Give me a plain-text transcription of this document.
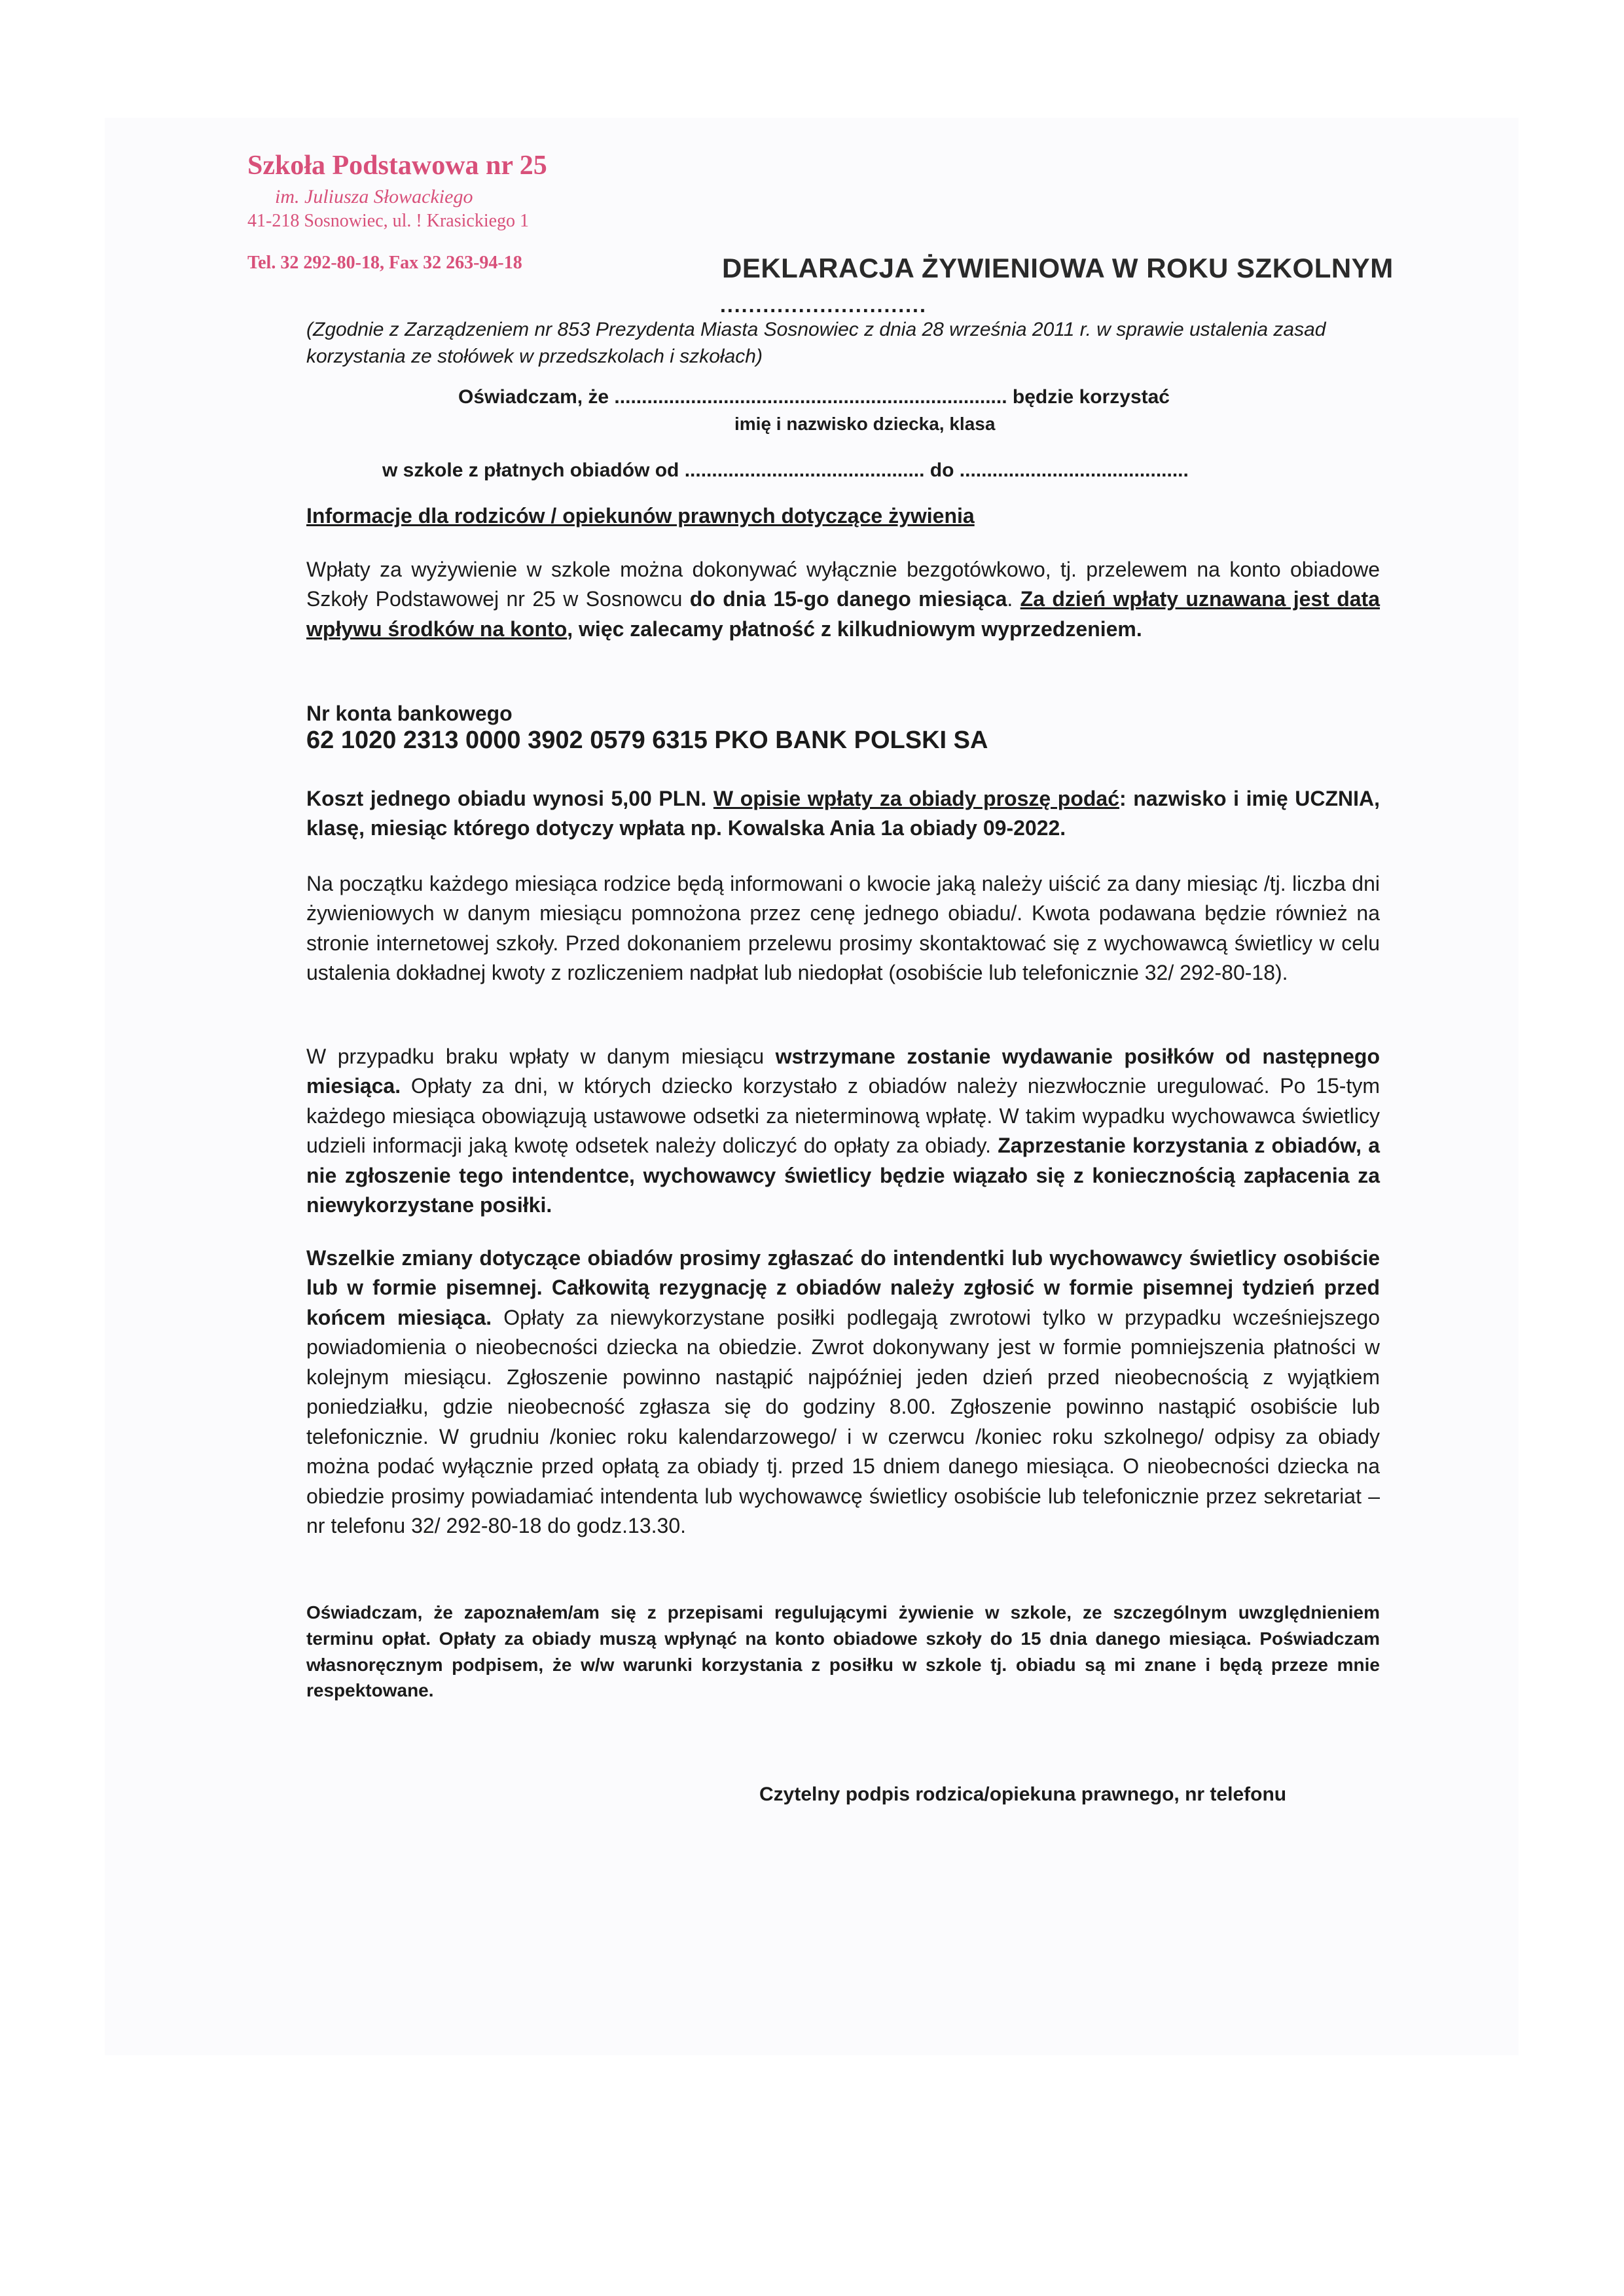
Szkoła Podstawowa nr 25
im. Juliusza Słowackiego
41-218 Sosnowiec, ul. ! Krasickiego 1
Tel. 32 292-80-18, Fax 32 263-94-18	DEKLARACJA ŻYWIENIOWA W ROKU SZKOLNYM
.............................
(Zgodnie z Zarządzeniem nr 853 Prezydenta Miasta Sosnowiec z dnia 28 września 2011 r. w sprawie ustalenia zasad korzystania ze stołówek w przedszkolach i szkołach)
Oświadczam, że ........................................................................ będzie korzystać
imię i nazwisko dziecka, klasa
w szkole z płatnych obiadów od ............................................ do ..........................................
Informacje dla rodziców / opiekunów prawnych dotyczące żywienia
Wpłaty za wyżywienie w szkole można dokonywać wyłącznie bezgotówkowo, tj. przelewem na konto obiadowe Szkoły Podstawowej nr 25 w Sosnowcu do dnia 15-go danego miesiąca. Za dzień wpłaty uznawana jest data wpływu środków na konto, więc zalecamy płatność z kilkudniowym wyprzedzeniem.
Nr konta bankowego
62 1020 2313 0000 3902 0579 6315 PKO BANK POLSKI SA
Koszt jednego obiadu wynosi 5,00 PLN. W opisie wpłaty za obiady proszę podać: nazwisko i imię UCZNIA, klasę, miesiąc którego dotyczy wpłata np. Kowalska Ania 1a obiady 09-2022.
Na początku każdego miesiąca rodzice będą informowani o kwocie jaką należy uiścić za dany miesiąc /tj. liczba dni żywieniowych w danym miesiącu pomnożona przez cenę jednego obiadu/. Kwota podawana będzie również na stronie internetowej szkoły. Przed dokonaniem przelewu prosimy skontaktować się z wychowawcą świetlicy w celu ustalenia dokładnej kwoty z rozliczeniem nadpłat lub niedopłat (osobiście lub telefonicznie 32/ 292-80-18).
W przypadku braku wpłaty w danym miesiącu wstrzymane zostanie wydawanie posiłków od następnego miesiąca. Opłaty za dni, w których dziecko korzystało z obiadów należy niezwłocznie uregulować. Po 15-tym każdego miesiąca obowiązują ustawowe odsetki za nieterminową wpłatę. W takim wypadku wychowawca świetlicy udzieli informacji jaką kwotę odsetek należy doliczyć do opłaty za obiady. Zaprzestanie korzystania z obiadów, a nie zgłoszenie tego intendentce, wychowawcy świetlicy będzie wiązało się z koniecznością zapłacenia za niewykorzystane posiłki.
Wszelkie zmiany dotyczące obiadów prosimy zgłaszać do intendentki lub wychowawcy świetlicy osobiście lub w formie pisemnej. Całkowitą rezygnację z obiadów należy zgłosić w formie pisemnej tydzień przed końcem miesiąca. Opłaty za niewykorzystane posiłki podlegają zwrotowi tylko w przypadku wcześniejszego powiadomienia o nieobecności dziecka na obiedzie. Zwrot dokonywany jest w formie pomniejszenia płatności w kolejnym miesiącu. Zgłoszenie powinno nastąpić najpóźniej jeden dzień przed nieobecnością z wyjątkiem poniedziałku, gdzie nieobecność zgłasza się do godziny 8.00. Zgłoszenie powinno nastąpić osobiście lub telefonicznie. W grudniu /koniec roku kalendarzowego/ i w czerwcu /koniec roku szkolnego/ odpisy za obiady można podać wyłącznie przed opłatą za obiady tj. przed 15 dniem danego miesiąca. O nieobecności dziecka na obiedzie prosimy powiadamiać intendenta lub wychowawcę świetlicy osobiście lub telefonicznie przez sekretariat – nr telefonu 32/ 292-80-18 do godz.13.30.
Oświadczam, że zapoznałem/am się z przepisami regulującymi żywienie w szkole, ze szczególnym uwzględnieniem terminu opłat. Opłaty za obiady muszą wpłynąć na konto obiadowe szkoły do 15 dnia danego miesiąca. Poświadczam własnoręcznym podpisem, że w/w warunki korzystania z posiłku w szkole tj. obiadu są mi znane i będą przeze mnie respektowane.
Czytelny podpis rodzica/opiekuna prawnego, nr telefonu
